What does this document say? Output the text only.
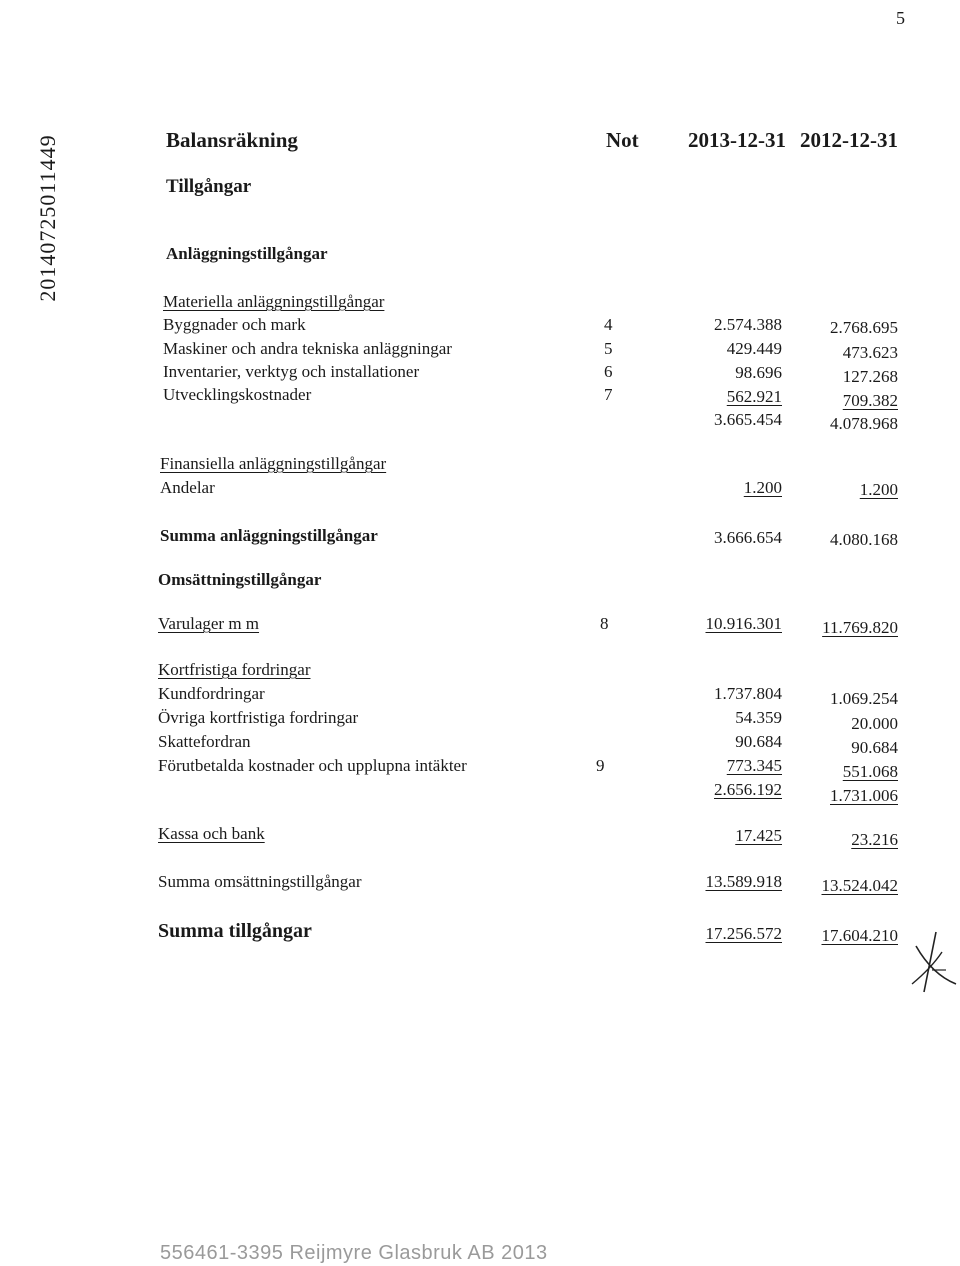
5
20140725011449	Balansräkning	Not 2013-12-31 2012-12-31
Tillgångar
Anläggningstillgångar
Materiella anläggningstillgångar
Byggnader och mark	4	2.574.388	2.768.695
Maskiner och andra tekniska anläggningar	5	429.449	473.623
Inventarier, verktyg och installationer	6	98.696	127.268
Utvecklingskostnader	7	562.921	709.382
3.665.454	4.078.968
Finansiella anläggningstillgångar
Andelar	1.200	1.200
Summa anläggningstillgångar	3.666.654	4.080.168
Omsättningstillgångar
Varulager m m	8	10.916.301 11.769.820
Kortfristiga fordringar
Kundfordringar	1.737.804	1.069.254
Övriga kortfristiga fordringar	54.359	20.000
Skattefordran	90.684	90.684
Förutbetalda kostnader och upplupna intäkter	9	773.345	551.068
2.656.192	1.731.006
Kassa och bank	17.425	23.216
Summa omsättningstillgångar	13.589.918 13.524.042
Summa tillgångar	17.256.572 17.604.210
556461-3395 Reijmyre Glasbruk AB 2013
